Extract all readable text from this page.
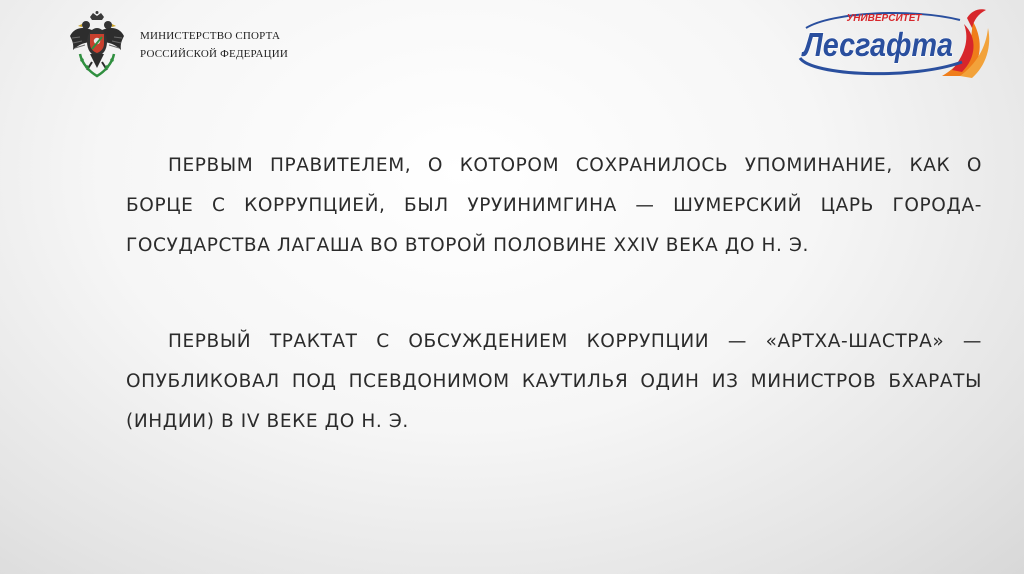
МИНИСТЕРСТВО СПОРТА
РОССИЙСКОЙ ФЕДЕРАЦИИ
УНИВЕРСИТЕТ
Лесгафта
ПЕРВЫМ ПРАВИТЕЛЕМ, О КОТОРОМ СОХРАНИЛОСЬ УПОМИНАНИЕ, КАК О БОРЦЕ С КОРРУПЦИЕЙ, БЫЛ УРУИНИМГИНА — ШУМЕРСКИЙ ЦАРЬ ГОРОДА-ГОСУДАРСТВА ЛАГАША ВО ВТОРОЙ ПОЛОВИНЕ XXIV ВЕКА ДО Н. Э.
ПЕРВЫЙ ТРАКТАТ С ОБСУЖДЕНИЕМ КОРРУПЦИИ — «АРТХА-ШАСТРА» — ОПУБЛИКОВАЛ ПОД ПСЕВДОНИМОМ КАУТИЛЬЯ ОДИН ИЗ МИНИСТРОВ БХАРАТЫ (ИНДИИ) В IV ВЕКЕ ДО Н. Э.
